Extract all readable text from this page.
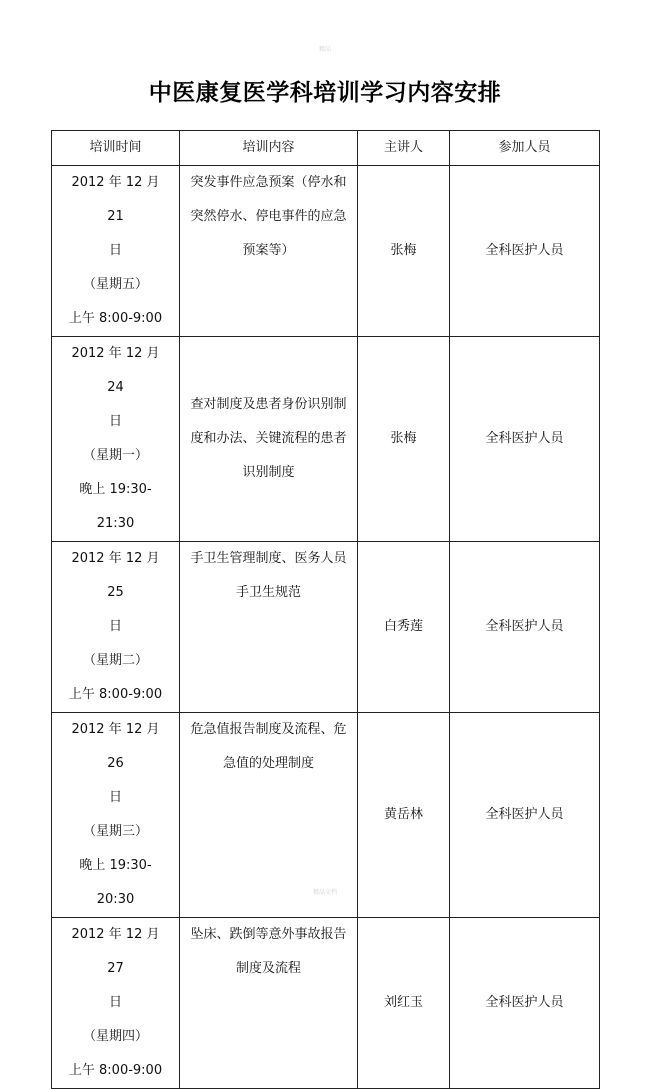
精品
中医康复医学科培训学习内容安排
培训时间	培训内容	主讲人	参加人员

2012 年 12 月 21
日
（星期五）
上午 8:00-9:00	突发事件应急预案（停水和突然停水、停电事件的应急预案等）	张梅	全科医护人员

2012 年 12 月 24
日
（星期一）
晚上 19:30-21:30	查对制度及患者身份识别制度和办法、关键流程的患者识别制度	张梅	全科医护人员

2012 年 12 月 25
日
（星期二）
上午 8:00-9:00	手卫生管理制度、医务人员手卫生规范	白秀莲	全科医护人员

2012 年 12 月 26
日
（星期三）
晚上 19:30-20:30	危急值报告制度及流程、危急值的处理制度	黄岳林	全科医护人员

2012 年 12 月 27
日
（星期四）
上午 8:00-9:00	坠床、跌倒等意外事故报告制度及流程	刘红玉	全科医护人员
精品文档
